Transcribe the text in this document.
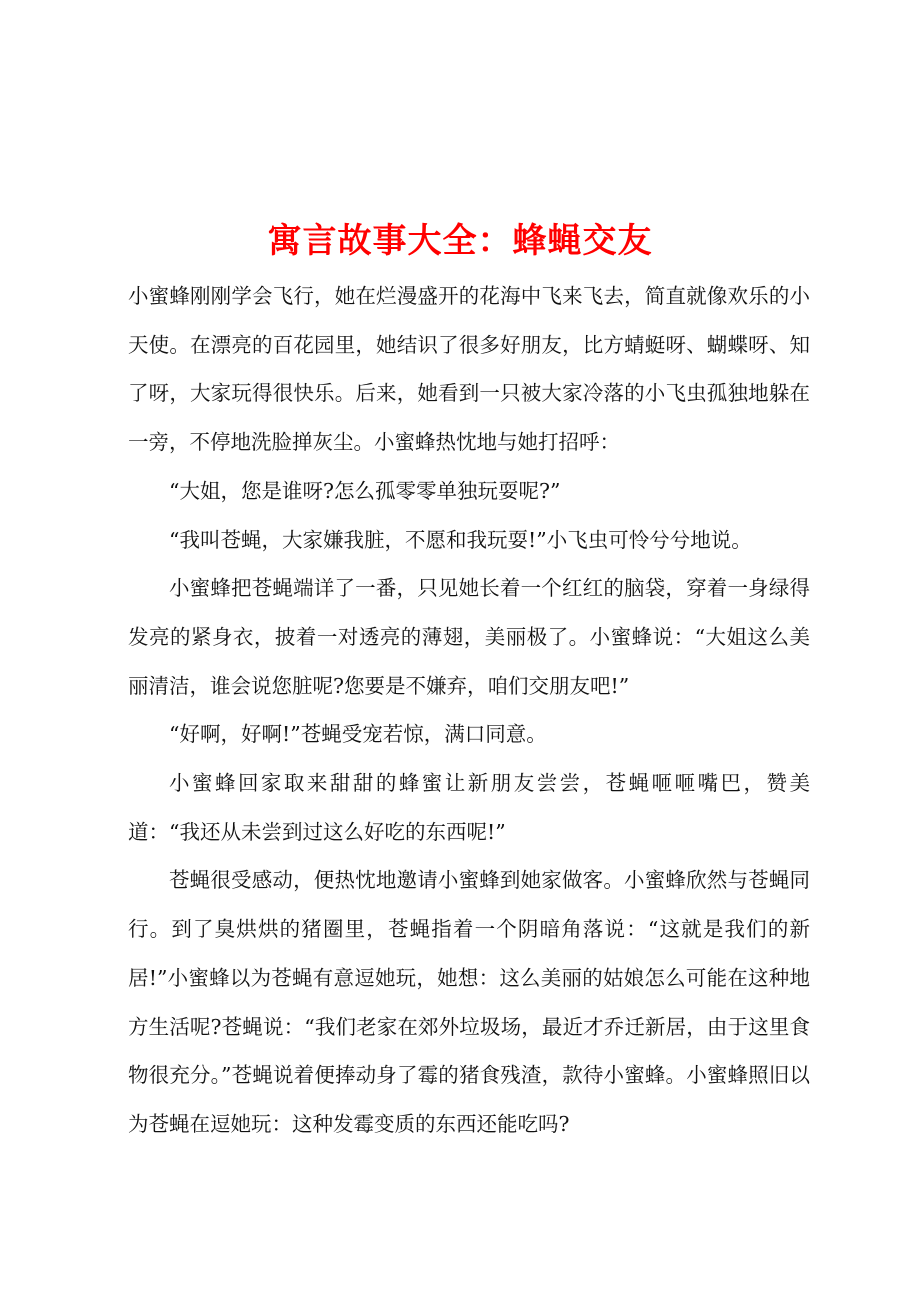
寓言故事大全：蜂蝇交友

小蜜蜂刚刚学会飞行，她在烂漫盛开的花海中飞来飞去，简直就像欢乐的小天使。在漂亮的百花园里，她结识了很多好朋友，比方蜻蜓呀、蝴蝶呀、知了呀，大家玩得很快乐。后来，她看到一只被大家冷落的小飞虫孤独地躲在一旁，不停地洗脸掸灰尘。小蜜蜂热忱地与她打招呼：

“大姐，您是谁呀?怎么孤零零单独玩耍呢?”

“我叫苍蝇，大家嫌我脏，不愿和我玩耍!”小飞虫可怜兮兮地说。

小蜜蜂把苍蝇端详了一番，只见她长着一个红红的脑袋，穿着一身绿得发亮的紧身衣，披着一对透亮的薄翅，美丽极了。小蜜蜂说：“大姐这么美丽清洁，谁会说您脏呢?您要是不嫌弃，咱们交朋友吧!”

“好啊，好啊!”苍蝇受宠若惊，满口同意。

小蜜蜂回家取来甜甜的蜂蜜让新朋友尝尝，苍蝇咂咂嘴巴，赞美道：“我还从未尝到过这么好吃的东西呢!”

苍蝇很受感动，便热忱地邀请小蜜蜂到她家做客。小蜜蜂欣然与苍蝇同行。到了臭烘烘的猪圈里，苍蝇指着一个阴暗角落说：“这就是我们的新居!”小蜜蜂以为苍蝇有意逗她玩，她想：这么美丽的姑娘怎么可能在这种地方生活呢?苍蝇说：“我们老家在郊外垃圾场，最近才乔迁新居，由于这里食物很充分。”苍蝇说着便捧动身了霉的猪食残渣，款待小蜜蜂。小蜜蜂照旧以为苍蝇在逗她玩：这种发霉变质的东西还能吃吗?
